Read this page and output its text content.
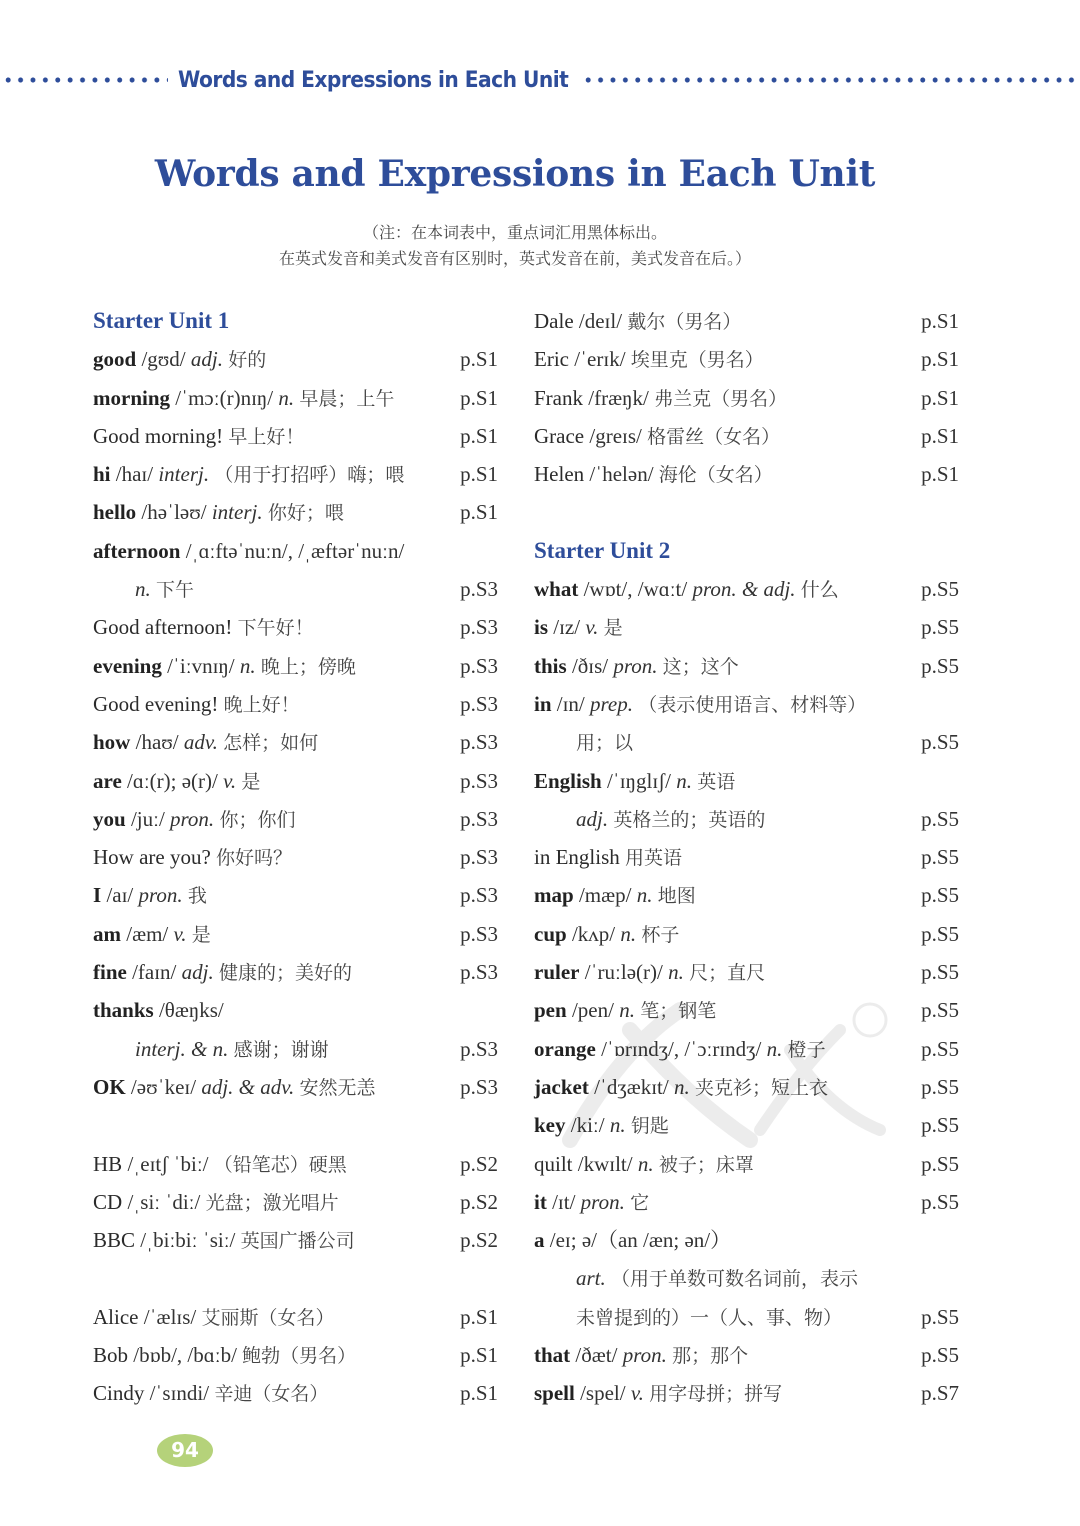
Words and Expressions in Each Unit
Words and Expressions in Each Unit
（注：在本词表中，重点词汇用黑体标出。
在英式发音和美式发音有区别时，英式发音在前，美式发音在后。）
Starter Unit 1
good /gʊd/ adj. 好的	p.S1
morning /ˈmɔː(r)nɪŋ/ n. 早晨；上午	p.S1
Good morning! 早上好！	p.S1
hi /haɪ/ interj. （用于打招呼）嗨；喂	p.S1
hello /həˈləʊ/ interj. 你好；喂	p.S1
afternoon /ˌɑːftəˈnuːn/, /ˌæftərˈnuːn/
n. 下午	p.S3
Good afternoon! 下午好！	p.S3
evening /ˈiːvnɪŋ/ n. 晚上；傍晚	p.S3
Good evening! 晚上好！	p.S3
how /haʊ/ adv. 怎样；如何	p.S3
are /ɑː(r); ə(r)/ v. 是	p.S3
you /juː/ pron. 你；你们	p.S3
How are you? 你好吗？	p.S3
I /aɪ/ pron. 我	p.S3
am /æm/ v. 是	p.S3
fine /faɪn/ adj. 健康的；美好的	p.S3
thanks /θæŋks/
interj. & n. 感谢；谢谢	p.S3
OK /əʊˈkeɪ/ adj. & adv. 安然无恙	p.S3
HB /ˌeɪtʃ ˈbiː/ （铅笔芯）硬黑	p.S2
CD /ˌsiː ˈdiː/ 光盘；激光唱片	p.S2
BBC /ˌbiːbiː ˈsiː/ 英国广播公司	p.S2
Alice /ˈælɪs/ 艾丽斯（女名）	p.S1
Bob /bɒb/, /bɑːb/ 鲍勃（男名）	p.S1
Cindy /ˈsɪndi/ 辛迪（女名）	p.S1
Dale /deɪl/ 戴尔（男名）	p.S1
Eric /ˈerɪk/ 埃里克（男名）	p.S1
Frank /fræŋk/ 弗兰克（男名）	p.S1
Grace /greɪs/ 格雷丝（女名）	p.S1
Helen /ˈhelən/ 海伦（女名）	p.S1
Starter Unit 2
what /wɒt/, /wɑːt/ pron. & adj. 什么	p.S5
is /ɪz/ v. 是	p.S5
this /ðɪs/ pron. 这；这个	p.S5
in /ɪn/ prep. （表示使用语言、材料等）
用；以	p.S5
English /ˈɪŋglɪʃ/ n. 英语
adj. 英格兰的；英语的	p.S5
in English 用英语	p.S5
map /mæp/ n. 地图	p.S5
cup /kʌp/ n. 杯子	p.S5
ruler /ˈruːlə(r)/ n. 尺；直尺	p.S5
pen /pen/ n. 笔；钢笔	p.S5
orange /ˈɒrɪndʒ/, /ˈɔːrɪndʒ/ n. 橙子	p.S5
jacket /ˈdʒækɪt/ n. 夹克衫；短上衣	p.S5
key /kiː/ n. 钥匙	p.S5
quilt /kwɪlt/ n. 被子；床罩	p.S5
it /ɪt/ pron. 它	p.S5
a /eɪ; ə/（an /æn; ən/）
art. （用于单数可数名词前，表示
未曾提到的）一（人、事、物）	p.S5
that /ðæt/ pron. 那；那个	p.S5
spell /spel/ v. 用字母拼；拼写	p.S7
94
